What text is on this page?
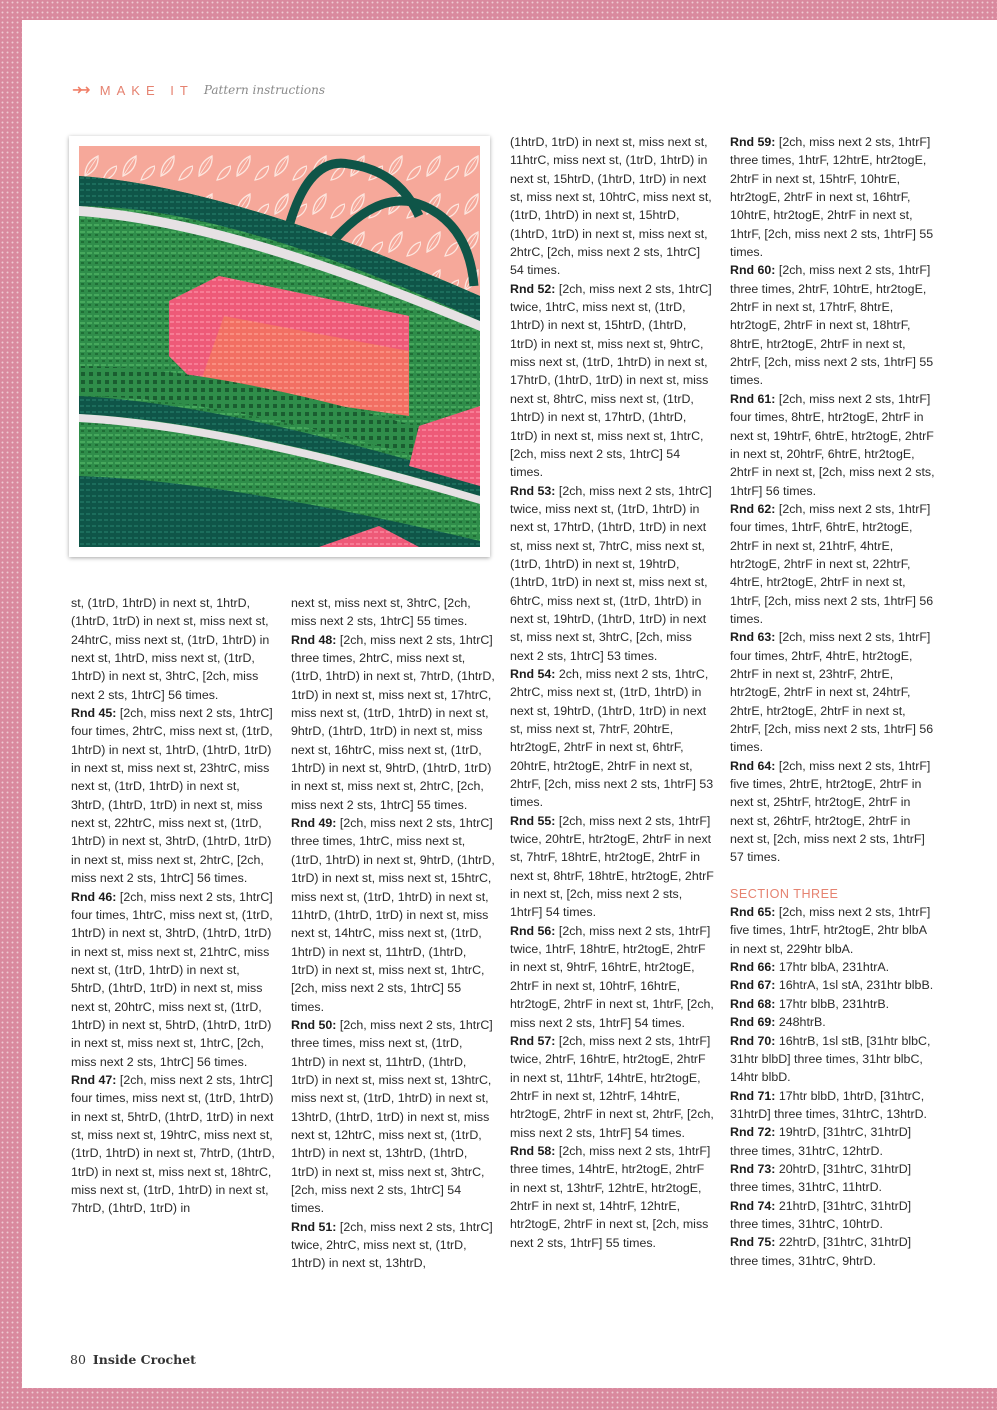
➜➜ MAKE IT Pattern instructions

st, (1trD, 1htrD) in next st, 1htrD, (1htrD, 1trD) in next st, miss next st, 24htrC, miss next st, (1trD, 1htrD) in next st, 1htrD, miss next st, (1trD, 1htrD) in next st, 3htrC, [2ch, miss next 2 sts, 1htrC] 56 times.

Rnd 45: [2ch, miss next 2 sts, 1htrC] four times, 2htrC, miss next st, (1trD, 1htrD) in next st, 1htrD, (1htrD, 1trD) in next st, miss next st, 23htrC, miss next st, (1trD, 1htrD) in next st, 3htrD, (1htrD, 1trD) in next st, miss next st, 22htrC, miss next st, (1trD, 1htrD) in next st, 3htrD, (1htrD, 1trD) in next st, miss next st, 2htrC, [2ch, miss next 2 sts, 1htrC] 56 times.

Rnd 46: [2ch, miss next 2 sts, 1htrC] four times, 1htrC, miss next st, (1trD, 1htrD) in next st, 3htrD, (1htrD, 1trD) in next st, miss next st, 21htrC, miss next st, (1trD, 1htrD) in next st, 5htrD, (1htrD, 1trD) in next st, miss next st, 20htrC, miss next st, (1trD, 1htrD) in next st, 5htrD, (1htrD, 1trD) in next st, miss next st, 1htrC, [2ch, miss next 2 sts, 1htrC] 56 times.

Rnd 47: [2ch, miss next 2 sts, 1htrC] four times, miss next st, (1trD, 1htrD) in next st, 5htrD, (1htrD, 1trD) in next st, miss next st, 19htrC, miss next st, (1trD, 1htrD) in next st, 7htrD, (1htrD, 1trD) in next st, miss next st, 18htrC, miss next st, (1trD, 1htrD) in next st, 7htrD, (1htrD, 1trD) in

next st, miss next st, 3htrC, [2ch, miss next 2 sts, 1htrC] 55 times.

Rnd 48: [2ch, miss next 2 sts, 1htrC] three times, 2htrC, miss next st, (1trD, 1htrD) in next st, 7htrD, (1htrD, 1trD) in next st, miss next st, 17htrC, miss next st, (1trD, 1htrD) in next st, 9htrD, (1htrD, 1trD) in next st, miss next st, 16htrC, miss next st, (1trD, 1htrD) in next st, 9htrD, (1htrD, 1trD) in next st, miss next st, 2htrC, [2ch, miss next 2 sts, 1htrC] 55 times.

Rnd 49: [2ch, miss next 2 sts, 1htrC] three times, 1htrC, miss next st, (1trD, 1htrD) in next st, 9htrD, (1htrD, 1trD) in next st, miss next st, 15htrC, miss next st, (1trD, 1htrD) in next st, 11htrD, (1htrD, 1trD) in next st, miss next st, 14htrC, miss next st, (1trD, 1htrD) in next st, 11htrD, (1htrD, 1trD) in next st, miss next st, 1htrC, [2ch, miss next 2 sts, 1htrC] 55 times.

Rnd 50: [2ch, miss next 2 sts, 1htrC] three times, miss next st, (1trD, 1htrD) in next st, 11htrD, (1htrD, 1trD) in next st, miss next st, 13htrC, miss next st, (1trD, 1htrD) in next st, 13htrD, (1htrD, 1trD) in next st, miss next st, 12htrC, miss next st, (1trD, 1htrD) in next st, 13htrD, (1htrD, 1trD) in next st, miss next st, 3htrC, [2ch, miss next 2 sts, 1htrC] 54 times.

Rnd 51: [2ch, miss next 2 sts, 1htrC] twice, 2htrC, miss next st, (1trD, 1htrD) in next st, 13htrD,

(1htrD, 1trD) in next st, miss next st, 11htrC, miss next st, (1trD, 1htrD) in next st, 15htrD, (1htrD, 1trD) in next st, miss next st, 10htrC, miss next st, (1trD, 1htrD) in next st, 15htrD, (1htrD, 1trD) in next st, miss next st, 2htrC, [2ch, miss next 2 sts, 1htrC] 54 times.

Rnd 52: [2ch, miss next 2 sts, 1htrC] twice, 1htrC, miss next st, (1trD, 1htrD) in next st, 15htrD, (1htrD, 1trD) in next st, miss next st, 9htrC, miss next st, (1trD, 1htrD) in next st, 17htrD, (1htrD, 1trD) in next st, miss next st, 8htrC, miss next st, (1trD, 1htrD) in next st, 17htrD, (1htrD, 1trD) in next st, miss next st, 1htrC, [2ch, miss next 2 sts, 1htrC] 54 times.

Rnd 53: [2ch, miss next 2 sts, 1htrC] twice, miss next st, (1trD, 1htrD) in next st, 17htrD, (1htrD, 1trD) in next st, miss next st, 7htrC, miss next st, (1trD, 1htrD) in next st, 19htrD, (1htrD, 1trD) in next st, miss next st, 6htrC, miss next st, (1trD, 1htrD) in next st, 19htrD, (1htrD, 1trD) in next st, miss next st, 3htrC, [2ch, miss next 2 sts, 1htrC] 53 times.

Rnd 54: 2ch, miss next 2 sts, 1htrC, 2htrC, miss next st, (1trD, 1htrD) in next st, 19htrD, (1htrD, 1trD) in next st, miss next st, 7htrF, 20htrE, htr2togE, 2htrF in next st, 6htrF, 20htrE, htr2togE, 2htrF in next st, 2htrF, [2ch, miss next 2 sts, 1htrF] 53 times.

Rnd 55: [2ch, miss next 2 sts, 1htrF] twice, 20htrE, htr2togE, 2htrF in next st, 7htrF, 18htrE, htr2togE, 2htrF in next st, 8htrF, 18htrE, htr2togE, 2htrF in next st, [2ch, miss next 2 sts, 1htrF] 54 times.

Rnd 56: [2ch, miss next 2 sts, 1htrF] twice, 1htrF, 18htrE, htr2togE, 2htrF in next st, 9htrF, 16htrE, htr2togE, 2htrF in next st, 10htrF, 16htrE, htr2togE, 2htrF in next st, 1htrF, [2ch, miss next 2 sts, 1htrF] 54 times.

Rnd 57: [2ch, miss next 2 sts, 1htrF] twice, 2htrF, 16htrE, htr2togE, 2htrF in next st, 11htrF, 14htrE, htr2togE, 2htrF in next st, 12htrF, 14htrE, htr2togE, 2htrF in next st, 2htrF, [2ch, miss next 2 sts, 1htrF] 54 times.

Rnd 58: [2ch, miss next 2 sts, 1htrF] three times, 14htrE, htr2togE, 2htrF in next st, 13htrF, 12htrE, htr2togE, 2htrF in next st, 14htrF, 12htrE, htr2togE, 2htrF in next st, [2ch, miss next 2 sts, 1htrF] 55 times.

Rnd 59: [2ch, miss next 2 sts, 1htrF] three times, 1htrF, 12htrE, htr2togE, 2htrF in next st, 15htrF, 10htrE, htr2togE, 2htrF in next st, 16htrF, 10htrE, htr2togE, 2htrF in next st, 1htrF, [2ch, miss next 2 sts, 1htrF] 55 times.

Rnd 60: [2ch, miss next 2 sts, 1htrF] three times, 2htrF, 10htrE, htr2togE, 2htrF in next st, 17htrF, 8htrE, htr2togE, 2htrF in next st, 18htrF, 8htrE, htr2togE, 2htrF in next st, 2htrF, [2ch, miss next 2 sts, 1htrF] 55 times.

Rnd 61: [2ch, miss next 2 sts, 1htrF] four times, 8htrE, htr2togE, 2htrF in next st, 19htrF, 6htrE, htr2togE, 2htrF in next st, 20htrF, 6htrE, htr2togE, 2htrF in next st, [2ch, miss next 2 sts, 1htrF] 56 times.

Rnd 62: [2ch, miss next 2 sts, 1htrF] four times, 1htrF, 6htrE, htr2togE, 2htrF in next st, 21htrF, 4htrE, htr2togE, 2htrF in next st, 22htrF, 4htrE, htr2togE, 2htrF in next st, 1htrF, [2ch, miss next 2 sts, 1htrF] 56 times.

Rnd 63: [2ch, miss next 2 sts, 1htrF] four times, 2htrF, 4htrE, htr2togE, 2htrF in next st, 23htrF, 2htrE, htr2togE, 2htrF in next st, 24htrF, 2htrE, htr2togE, 2htrF in next st, 2htrF, [2ch, miss next 2 sts, 1htrF] 56 times.

Rnd 64: [2ch, miss next 2 sts, 1htrF] five times, 2htrE, htr2togE, 2htrF in next st, 25htrF, htr2togE, 2htrF in next st, 26htrF, htr2togE, 2htrF in next st, [2ch, miss next 2 sts, 1htrF] 57 times.

SECTION THREE

Rnd 65: [2ch, miss next 2 sts, 1htrF] five times, 1htrF, htr2togE, 2htr blbA in next st, 229htr blbA.

Rnd 66: 17htr blbA, 231htrA.

Rnd 67: 16htrA, 1sl stA, 231htr blbB.

Rnd 68: 17htr blbB, 231htrB.

Rnd 69: 248htrB.

Rnd 70: 16htrB, 1sl stB, [31htr blbC, 31htr blbD] three times, 31htr blbC, 14htr blbD.

Rnd 71: 17htr blbD, 1htrD, [31htrC, 31htrD] three times, 31htrC, 13htrD.

Rnd 72: 19htrD, [31htrC, 31htrD] three times, 31htrC, 12htrD.

Rnd 73: 20htrD, [31htrC, 31htrD] three times, 31htrC, 11htrD.

Rnd 74: 21htrD, [31htrC, 31htrD] three times, 31htrC, 10htrD.

Rnd 75: 22htrD, [31htrC, 31htrD] three times, 31htrC, 9htrD.

80 Inside Crochet
